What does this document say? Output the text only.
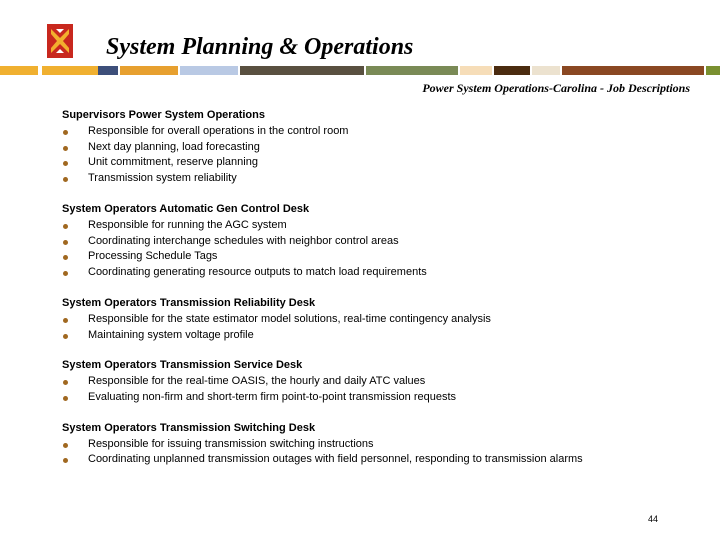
System Planning & Operations
Power System Operations-Carolina - Job Descriptions
Supervisors Power System Operations
Responsible for overall operations in the control room
Next day planning, load forecasting
Unit commitment, reserve planning
Transmission system reliability
System Operators Automatic Gen Control Desk
Responsible for running the AGC system
Coordinating interchange schedules with neighbor control areas
Processing Schedule Tags
Coordinating generating resource outputs to match load requirements
System Operators Transmission Reliability Desk
Responsible for the state estimator model solutions, real-time contingency analysis
Maintaining system voltage profile
System Operators Transmission Service Desk
Responsible for the real-time OASIS, the hourly and daily ATC values
Evaluating non-firm and short-term firm point-to-point transmission requests
System Operators Transmission Switching Desk
Responsible for issuing transmission switching instructions
Coordinating unplanned transmission outages with field personnel, responding to transmission alarms
44
